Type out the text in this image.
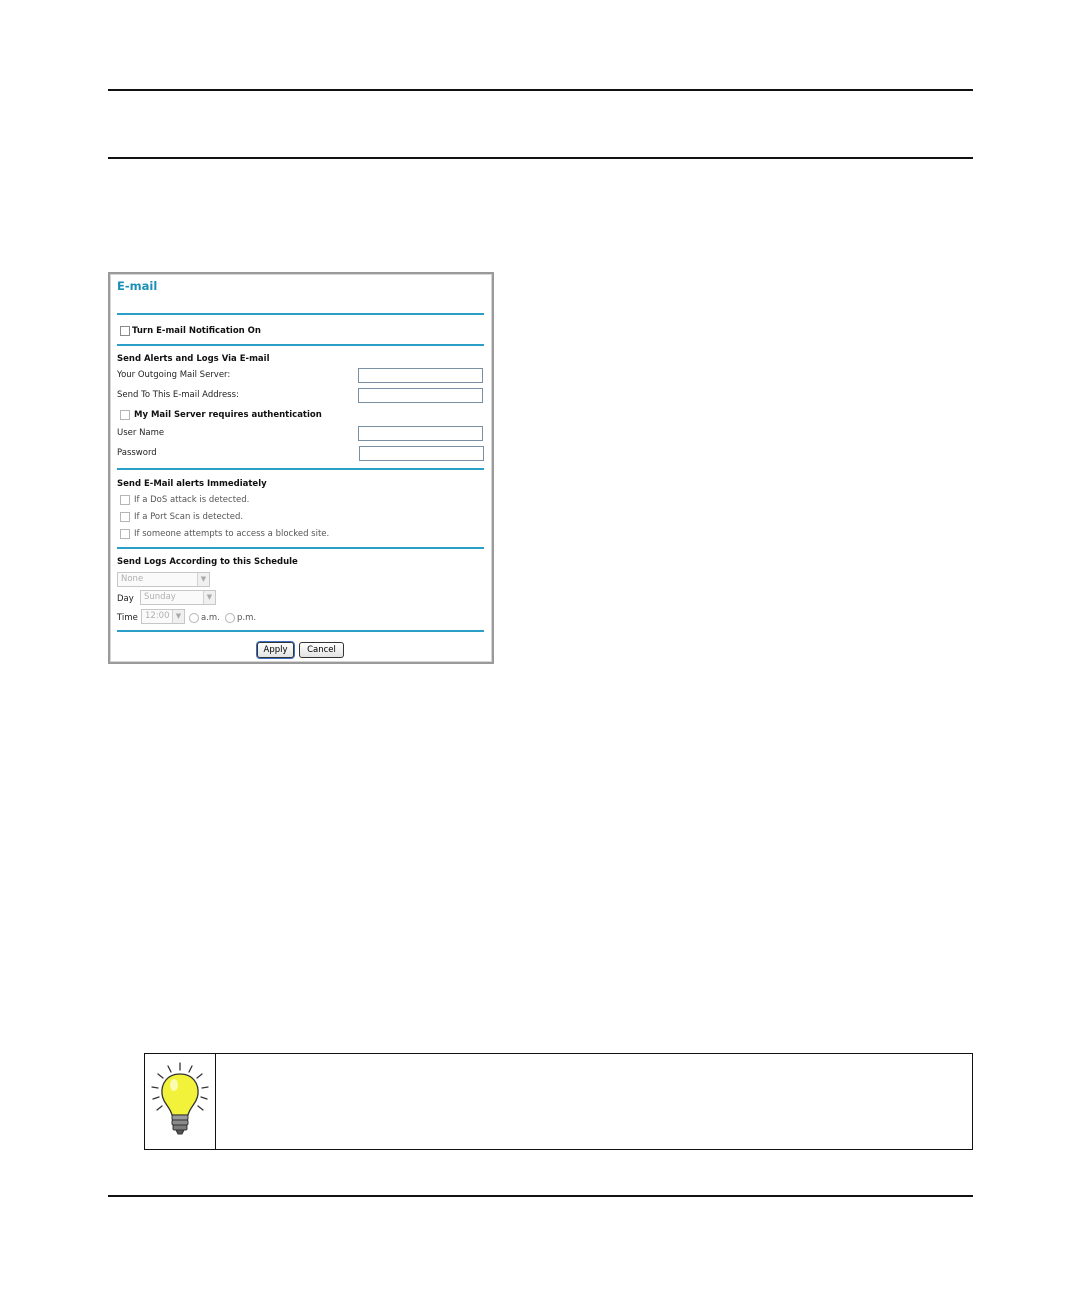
E-mail
Turn E-mail Notification On
Send Alerts and Logs Via E-mail
Your Outgoing Mail Server:
Send To This E-mail Address:
My Mail Server requires authentication
User Name
Password
Send E-Mail alerts Immediately
If a DoS attack is detected.
If a Port Scan is detected.
If someone attempts to access a blocked site.
Send Logs According to this Schedule
None	▼
Day	Sunday	▼
Time 12:00 ▼	a.m. p.m.
Apply	Cancel
